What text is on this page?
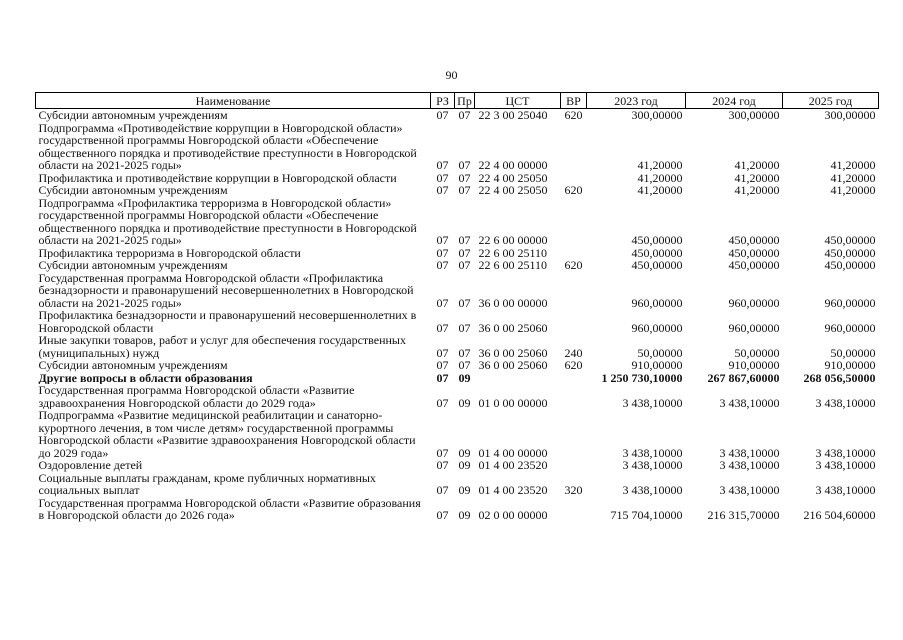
90
Наименование	РЗ	Пр	ЦСТ	ВР	2023 год	2024 год	2025 год
Субсидии автономным учреждениям	07	07	22 3 00 25040	620	300,00000	300,00000	300,00000
Подпрограмма «Противодействие коррупции в Новгородской области» государственной программы Новгородской области «Обеспечение общественного порядка и противодействие преступности в Новгородской области на 2021-2025 годы»	07	07	22 4 00 00000		41,20000	41,20000	41,20000
Профилактика и противодействие коррупции в Новгородской области	07	07	22 4 00 25050		41,20000	41,20000	41,20000
Субсидии автономным учреждениям	07	07	22 4 00 25050	620	41,20000	41,20000	41,20000
Подпрограмма «Профилактика терроризма в Новгородской области» государственной программы Новгородской области «Обеспечение общественного порядка и противодействие преступности в Новгородской области на 2021-2025 годы»	07	07	22 6 00 00000		450,00000	450,00000	450,00000
Профилактика терроризма в Новгородской области	07	07	22 6 00 25110		450,00000	450,00000	450,00000
Субсидии автономным учреждениям	07	07	22 6 00 25110	620	450,00000	450,00000	450,00000
Государственная программа Новгородской области «Профилактика безнадзорности и правонарушений несовершеннолетних в Новгородской области на 2021-2025 годы»	07	07	36 0 00 00000		960,00000	960,00000	960,00000
Профилактика безнадзорности и правонарушений несовершеннолетних в Новгородской области	07	07	36 0 00 25060		960,00000	960,00000	960,00000
Иные закупки товаров, работ и услуг для обеспечения государственных (муниципальных) нужд	07	07	36 0 00 25060	240	50,00000	50,00000	50,00000
Субсидии автономным учреждениям	07	07	36 0 00 25060	620	910,00000	910,00000	910,00000
Другие вопросы в области образования	07	09			1 250 730,10000	267 867,60000	268 056,50000
Государственная программа Новгородской области «Развитие здравоохранения Новгородской области до 2029 года»	07	09	01 0 00 00000		3 438,10000	3 438,10000	3 438,10000
Подпрограмма «Развитие медицинской реабилитации и санаторно-курортного лечения, в том числе детям» государственной программы Новгородской области «Развитие здравоохранения Новгородской области до 2029 года»	07	09	01 4 00 00000		3 438,10000	3 438,10000	3 438,10000
Оздоровление детей	07	09	01 4 00 23520		3 438,10000	3 438,10000	3 438,10000
Социальные выплаты гражданам, кроме публичных нормативных социальных выплат	07	09	01 4 00 23520	320	3 438,10000	3 438,10000	3 438,10000
Государственная программа Новгородской области «Развитие образования в Новгородской области до 2026 года»	07	09	02 0 00 00000		715 704,10000	216 315,70000	216 504,60000
